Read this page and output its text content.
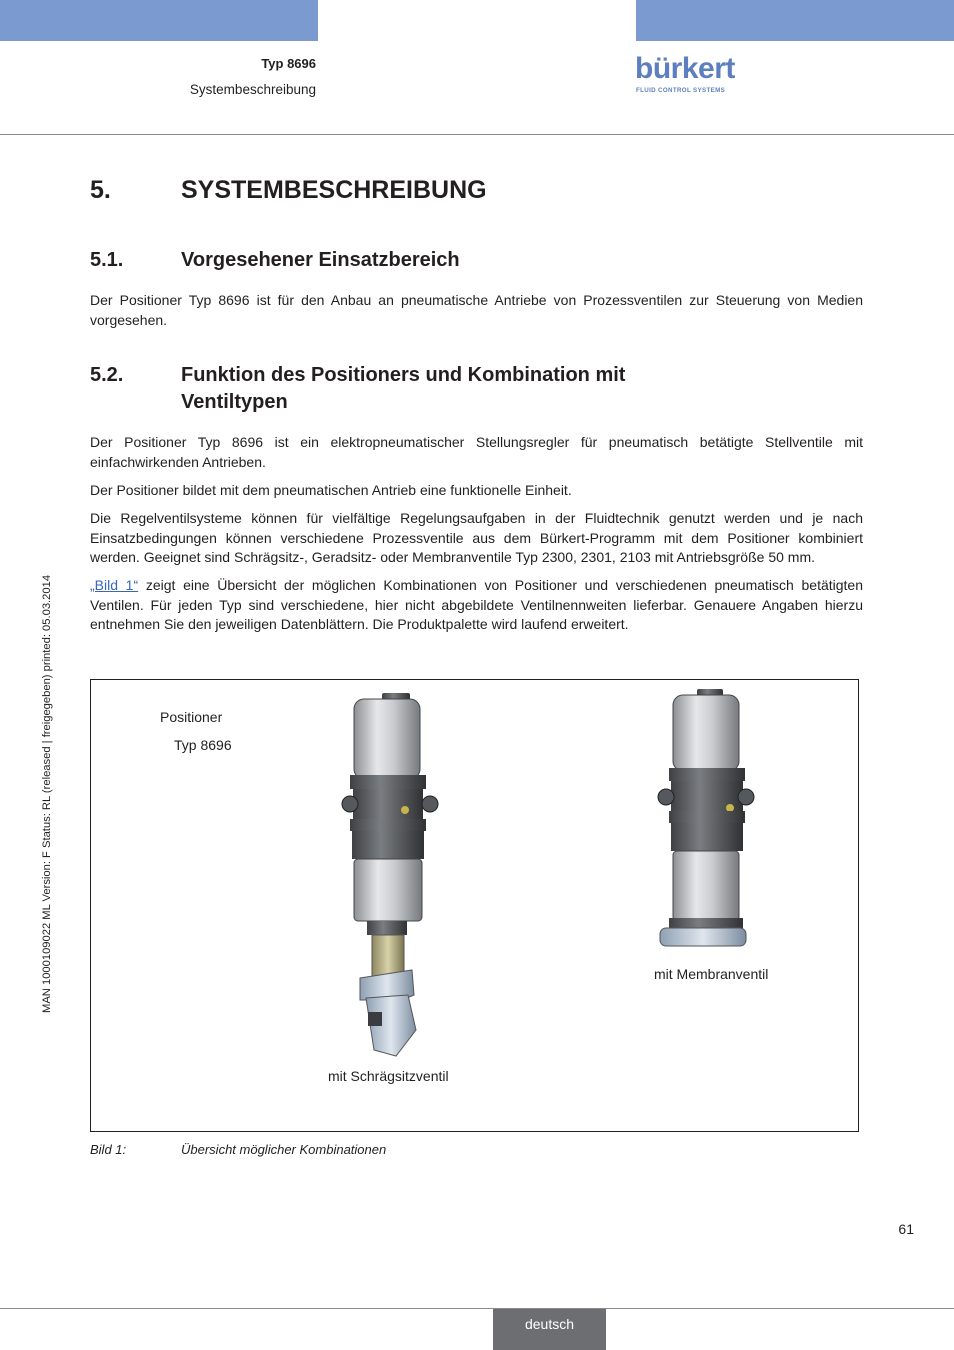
Typ 8696
Systembeschreibung
bürkert
FLUID CONTROL SYSTEMS
MAN 1000109022 ML Version: F Status: RL (released | freigegeben) printed: 05.03.2014
5.	SYSTEMBESCHREIBUNG
5.1.	Vorgesehener Einsatzbereich

Der Positioner Typ 8696 ist für den Anbau an pneumatische Antriebe von Prozessventilen zur Steuerung von Medien vorgesehen.

5.2.	Funktion des Positioners und Kombination mit
Ventiltypen

Der Positioner Typ 8696 ist ein elektropneumatischer Stellungsregler für pneumatisch betätigte Stellventile mit einfachwirkenden Antrieben.

Der Positioner bildet mit dem pneumatischen Antrieb eine funktionelle Einheit.

Die Regelventilsysteme können für vielfältige Regelungsaufgaben in der Fluidtechnik genutzt werden und je nach Einsatzbedingungen können verschiedene Prozessventile aus dem Bürkert-Programm mit dem Positioner kombiniert werden. Geeignet sind Schrägsitz-, Geradsitz- oder Membranventile Typ 2300, 2301, 2103 mit Antriebsgröße 50 mm.

„Bild 1“ zeigt eine Übersicht der möglichen Kombinationen von Positioner und verschiedenen pneumatisch betätigten Ventilen. Für jeden Typ sind verschiedene, hier nicht abgebildete Ventilnennweiten lieferbar. Genauere Angaben hierzu entnehmen Sie den jeweiligen Datenblättern. Die Produktpalette wird laufend erweitert.

Positioner
Typ 8696
mit Schrägsitzventil
mit Membranventil
Bild 1:	Übersicht möglicher Kombinationen
61
deutsch
